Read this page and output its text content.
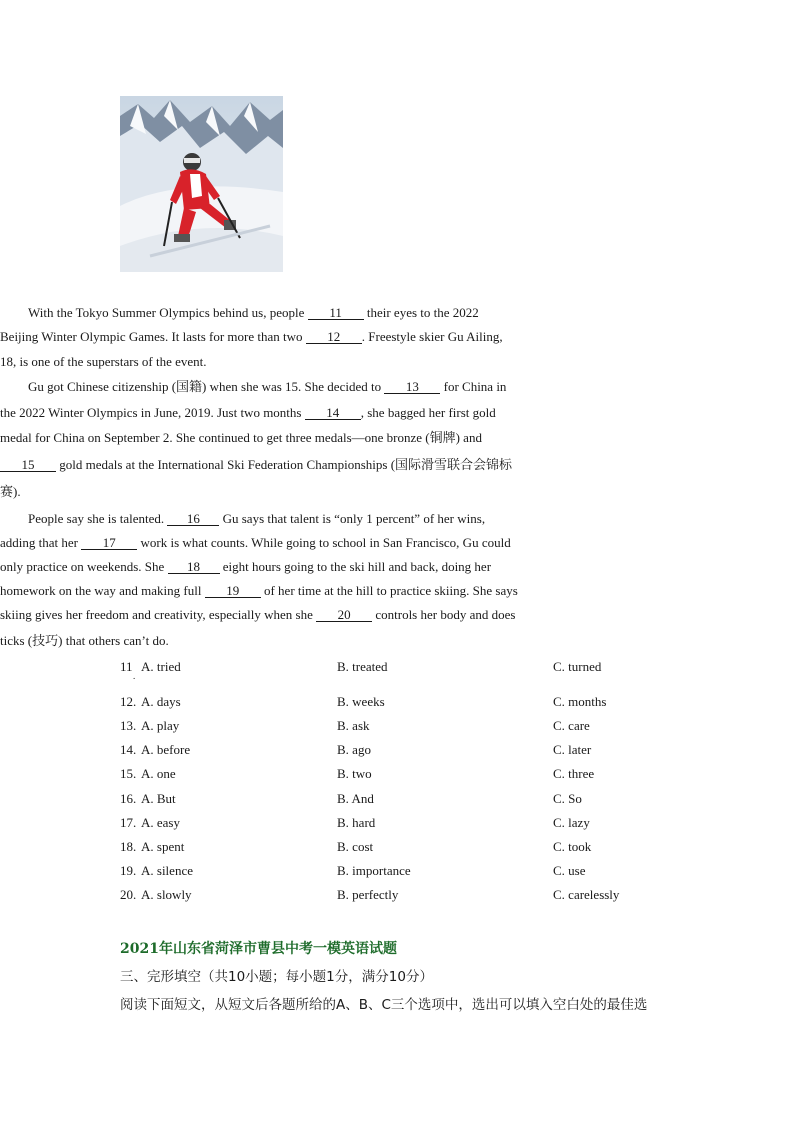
With the Tokyo Summer Olympics behind us, people 11 their eyes to the 2022
Beijing Winter Olympic Games. It lasts for more than two 12 . Freestyle skier Gu Ailing,
18, is one of the superstars of the event.
Gu got Chinese citizenship (国籍) when she was 15. She decided to 13 for China in
the 2022 Winter Olympics in June, 2019. Just two months 14 , she bagged her first gold
medal for China on September 2. She continued to get three medals—one bronze (铜牌) and
15 gold medals at the International Ski Federation Championships (国际滑雪联合会锦标
赛).
People say she is talented. 16 Gu says that talent is “only 1 percent” of her wins,
adding that her 17 work is what counts. While going to school in San Francisco, Gu could
only practice on weekends. She 18 eight hours going to the ski hill and back, doing her
homework on the way and making full 19 of her time at the hill to practice skiing. She says
skiing gives her freedom and creativity, especially when she 20 controls her body and does
ticks (技巧) that others can’t do.
11 A. tried	B. treated	C. turned
12. A. days	B. weeks	C. months
13. A. play	B. ask	C. care
14. A. before	B. ago	C. later
15. A. one	B. two	C. three
16. A. But	B. And	C. So
17. A. easy	B. hard	C. lazy
18. A. spent	B. cost	C. took
19. A. silence	B. importance	C. use
20. A. slowly	B. perfectly	C. carelessly
.
2021年山东省菏泽市曹县中考一模英语试题
三、完形填空（共10小题；每小题1分，满分10分）
阅读下面短文，从短文后各题所给的A、B、C三个选项中，选出可以填入空白处的最佳选
